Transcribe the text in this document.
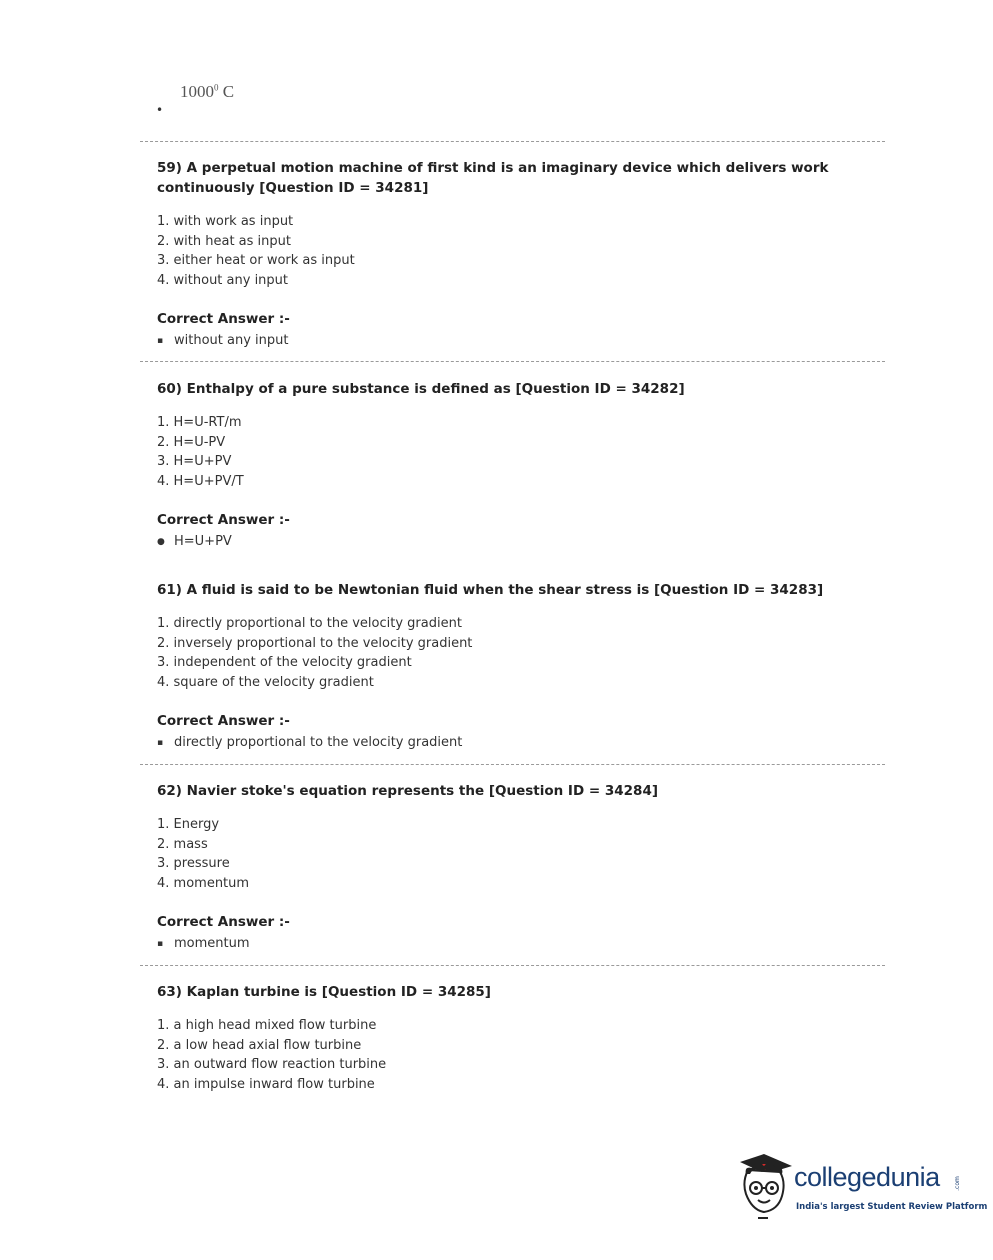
1000$^0$ C
•
59) A perpetual motion machine of first kind is an imaginary device which delivers work continuously [Question ID = 34281]
1. with work as input
2. with heat as input
3. either heat or work as input
4. without any input
Correct Answer :-
▪ without any input
60) Enthalpy of a pure substance is defined as [Question ID = 34282]
1. H=U-RT/m
2. H=U-PV
3. H=U+PV
4. H=U+PV/T
Correct Answer :-
● H=U+PV
61) A fluid is said to be Newtonian fluid when the shear stress is [Question ID = 34283]
1. directly proportional to the velocity gradient
2. inversely proportional to the velocity gradient
3. independent of the velocity gradient
4. square of the velocity gradient
Correct Answer :-
▪ directly proportional to the velocity gradient
62) Navier stoke's equation represents the [Question ID = 34284]
1. Energy
2. mass
3. pressure
4. momentum
Correct Answer :-
▪ momentum
63) Kaplan turbine is [Question ID = 34285]
1. a high head mixed flow turbine
2. a low head axial flow turbine
3. an outward flow reaction turbine
4. an impulse inward flow turbine
collegedunia .com
India's largest Student Review Platform
